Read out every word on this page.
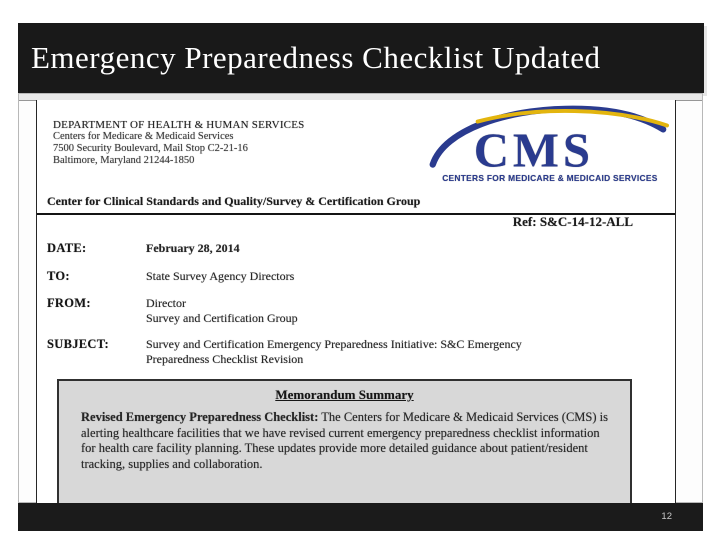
Emergency Preparedness Checklist Updated
DEPARTMENT OF HEALTH & HUMAN SERVICES
Centers for Medicare & Medicaid Services
7500 Security Boulevard, Mail Stop C2-21-16
Baltimore, Maryland 21244-1850	CMS
CENTERS FOR MEDICARE & MEDICAID SERVICES
Center for Clinical Standards and Quality/Survey & Certification Group
Ref: S&C-14-12-ALL
DATE:	February 28, 2014
TO:	State Survey Agency Directors
FROM:	Director
Survey and Certification Group
SUBJECT:	Survey and Certification Emergency Preparedness Initiative: S&C Emergency
Preparedness Checklist Revision
Memorandum Summary
Revised Emergency Preparedness Checklist: The Centers for Medicare & Medicaid Services (CMS) is alerting healthcare facilities that we have revised current emergency preparedness checklist information for health care facility planning. These updates provide more detailed guidance about patient/resident tracking, supplies and collaboration.
12
